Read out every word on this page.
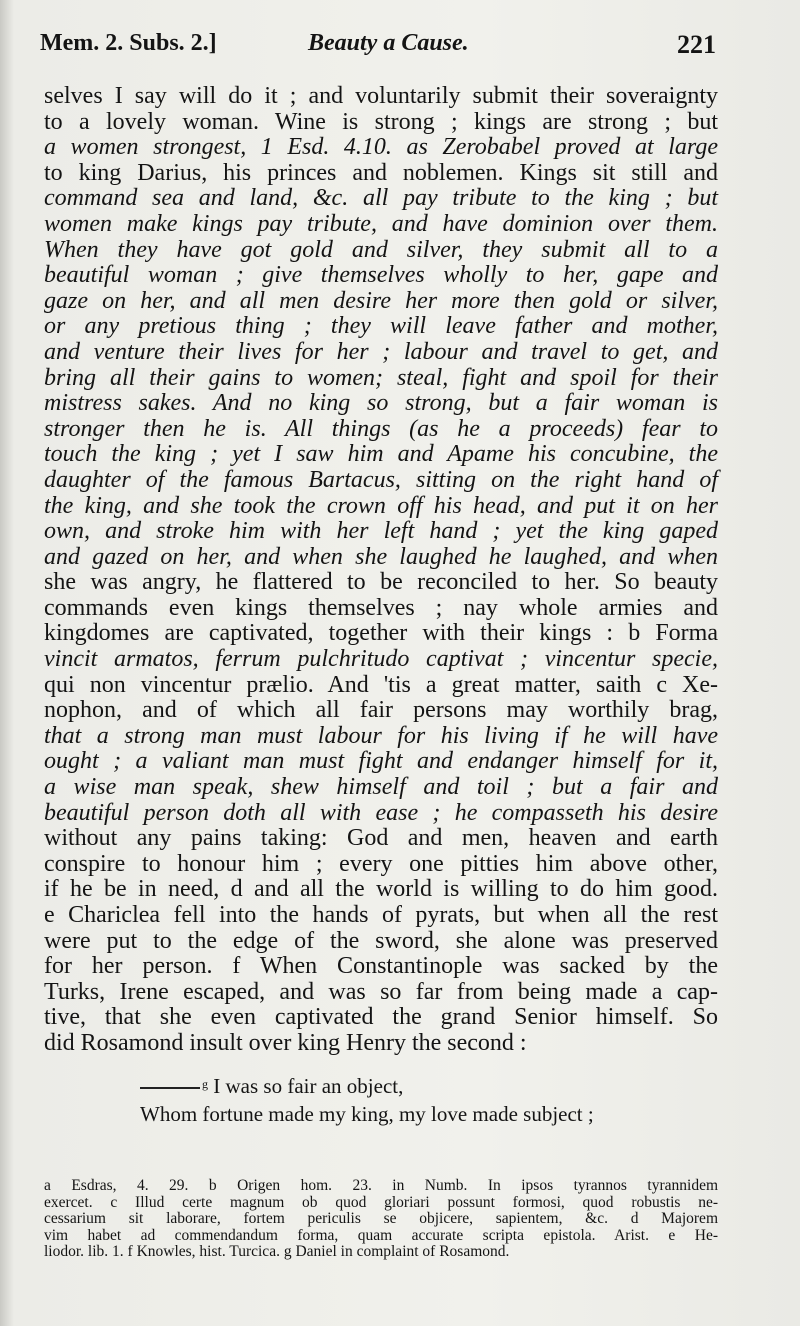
Mem. 2. Subs. 2.]	Beauty a Cause.	221
selves I say will do it ; and voluntarily submit their soveraignty
to a lovely woman. Wine is strong ; kings are strong ; but
a women strongest, 1 Esd. 4.10. as Zerobabel proved at large
to king Darius, his princes and noblemen. Kings sit still and
command sea and land, &c. all pay tribute to the king ; but
women make kings pay tribute, and have dominion over them.
When they have got gold and silver, they submit all to a
beautiful woman ; give themselves wholly to her, gape and
gaze on her, and all men desire her more then gold or silver,
or any pretious thing ; they will leave father and mother,
and venture their lives for her ; labour and travel to get, and
bring all their gains to women; steal, fight and spoil for their
mistress sakes. And no king so strong, but a fair woman is
stronger then he is. All things (as he a proceeds) fear to
touch the king ; yet I saw him and Apame his concubine, the
daughter of the famous Bartacus, sitting on the right hand of
the king, and she took the crown off his head, and put it on her
own, and stroke him with her left hand ; yet the king gaped
and gazed on her, and when she laughed he laughed, and when
she was angry, he flattered to be reconciled to her. So beauty
commands even kings themselves ; nay whole armies and
kingdomes are captivated, together with their kings : b Forma
vincit armatos, ferrum pulchritudo captivat ; vincentur specie,
qui non vincentur prælio. And 'tis a great matter, saith c Xe-
nophon, and of which all fair persons may worthily brag,
that a strong man must labour for his living if he will have
ought ; a valiant man must fight and endanger himself for it,
a wise man speak, shew himself and toil ; but a fair and
beautiful person doth all with ease ; he compasseth his desire
without any pains taking: God and men, heaven and earth
conspire to honour him ; every one pitties him above other,
if he be in need, d and all the world is willing to do him good.
e Chariclea fell into the hands of pyrats, but when all the rest
were put to the edge of the sword, she alone was preserved
for her person. f When Constantinople was sacked by the
Turks, Irene escaped, and was so far from being made a cap-
tive, that she even captivated the grand Senior himself. So
did Rosamond insult over king Henry the second :
$^g$ I was so fair an object,
Whom fortune made my king, my love made subject ;
a Esdras, 4. 29. b Origen hom. 23. in Numb. In ipsos tyrannos tyrannidem
exercet. c Illud certe magnum ob quod gloriari possunt formosi, quod robustis ne-
cessarium sit laborare, fortem periculis se objicere, sapientem, &c. d Majorem
vim habet ad commendandum forma, quam accurate scripta epistola. Arist. e He-
liodor. lib. 1. f Knowles, hist. Turcica. g Daniel in complaint of Rosamond.
